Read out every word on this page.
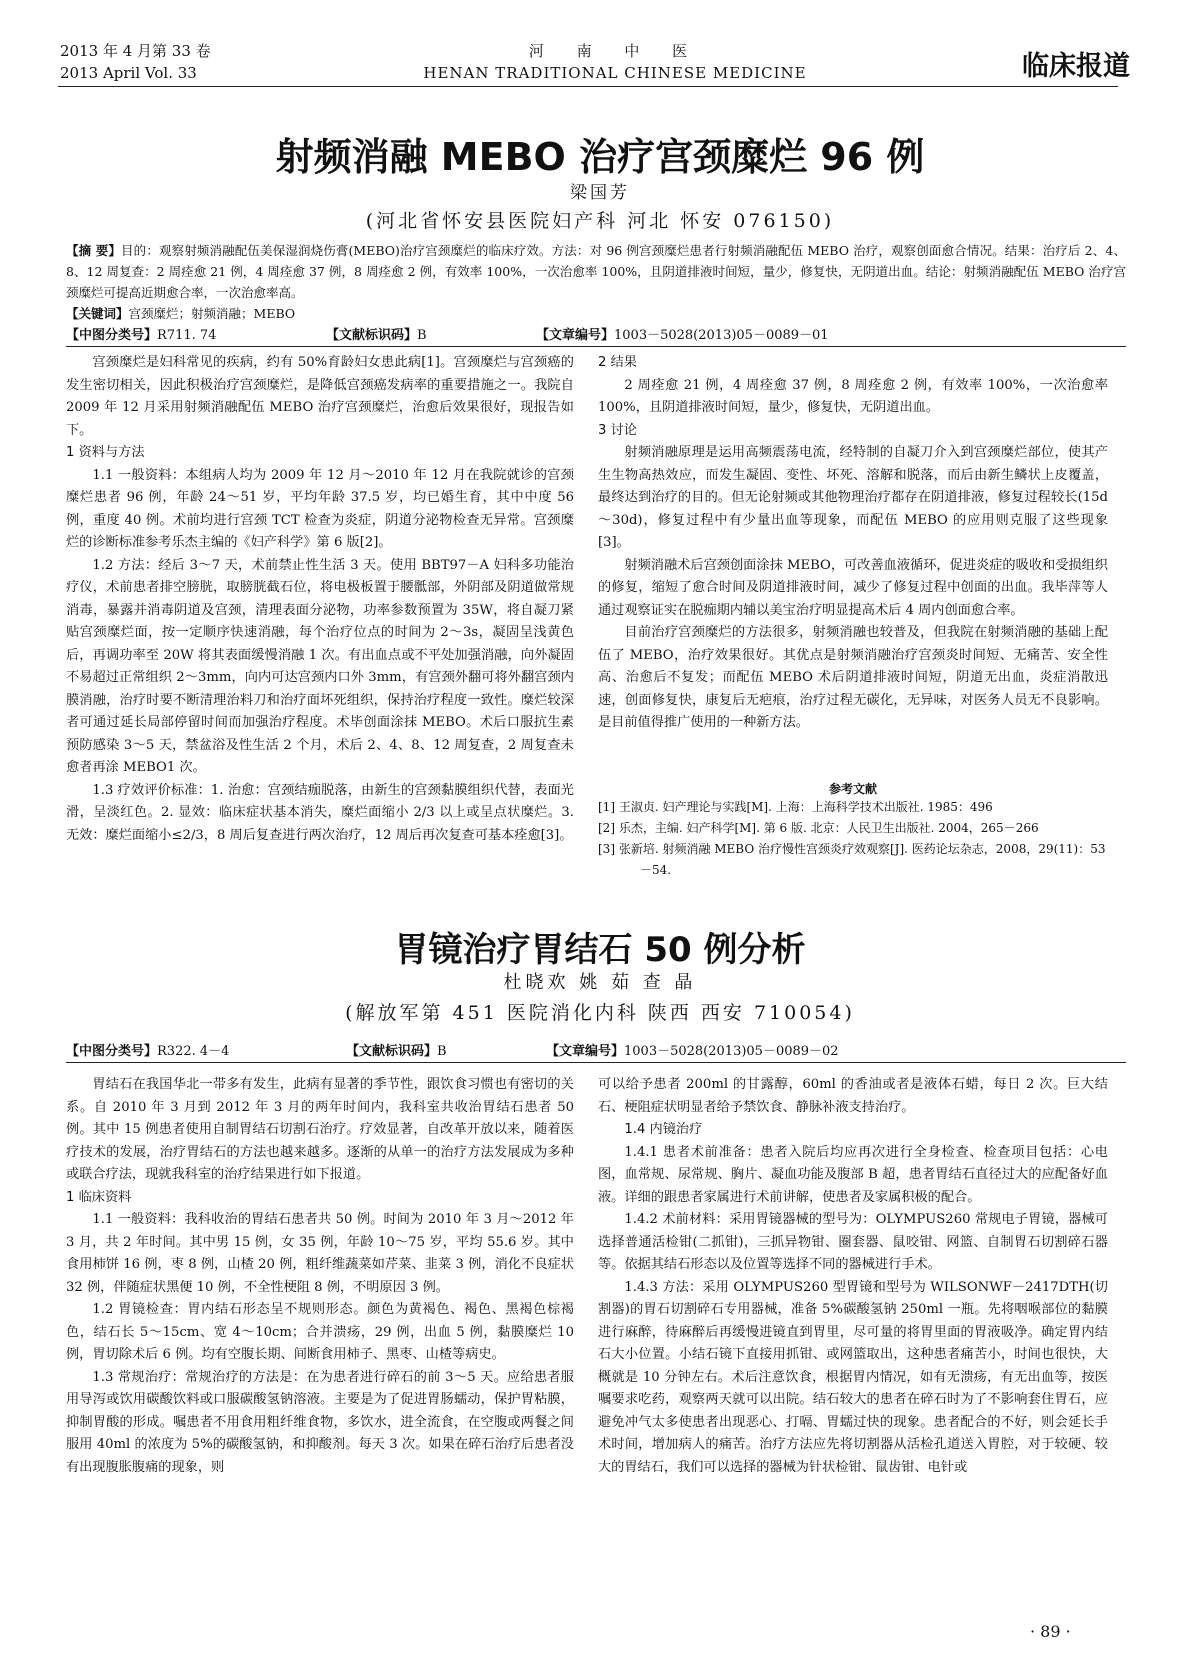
2013 年 4 月第 33 卷
2013 April Vol. 33
河 南 中 医
HENAN TRADITIONAL CHINESE MEDICINE	临床报道
射频消融 MEBO 治疗宫颈糜烂 96 例
梁国芳
(河北省怀安县医院妇产科 河北 怀安 076150)
【摘 要】目的：观察射频消融配伍美保湿润烧伤膏(MEBO)治疗宫颈糜烂的临床疗效。方法：对 96 例宫颈糜烂患者行射频消融配伍 MEBO 治疗，观察创面愈合情况。结果：治疗后 2、4、8、12 周复查：2 周痊愈 21 例，4 周痊愈 37 例，8 周痊愈 2 例，有效率 100%，一次治愈率 100%，且阴道排液时间短，量少，修复快，无阴道出血。结论：射频消融配伍 MEBO 治疗宫颈糜烂可提高近期愈合率，一次治愈率高。
【关键词】宫颈糜烂；射频消融；MEBO
【中图分类号】R711. 74	【文献标识码】B	【文章编号】1003－5028(2013)05－0089－01

宫颈糜烂是妇科常见的疾病，约有 50%育龄妇女患此病[1]。宫颈糜烂与宫颈癌的发生密切相关，因此积极治疗宫颈糜烂，是降低宫颈癌发病率的重要措施之一。我院自 2009 年 12 月采用射频消融配伍 MEBO 治疗宫颈糜烂，治愈后效果很好，现报告如下。

1 资料与方法

1.1 一般资料：本组病人均为 2009 年 12 月～2010 年 12 月在我院就诊的宫颈糜烂患者 96 例，年龄 24～51 岁，平均年龄 37.5 岁，均已婚生育，其中中度 56 例，重度 40 例。术前均进行宫颈 TCT 检查为炎症，阴道分泌物检查无异常。宫颈糜烂的诊断标准参考乐杰主编的《妇产科学》第 6 版[2]。

1.2 方法：经后 3～7 天，术前禁止性生活 3 天。使用 BBT97－A 妇科多功能治疗仪，术前患者排空膀胱，取膀胱截石位，将电极板置于腰骶部，外阴部及阴道做常规消毒，暴露并消毒阴道及宫颈，清理表面分泌物，功率参数预置为 35W，将自凝刀紧贴宫颈糜烂面，按一定顺序快速消融，每个治疗位点的时间为 2～3s，凝固呈浅黄色后，再调功率至 20W 将其表面缓慢消融 1 次。有出血点或不平处加强消融，向外凝固不易超过正常组织 2～3mm，向内可达宫颈内口外 3mm，有宫颈外翻可将外翻宫颈内膜消融，治疗时要不断清理治料刀和治疗面坏死组织，保持治疗程度一致性。糜烂较深者可通过延长局部停留时间而加强治疗程度。术毕创面涂抹 MEBO。术后口服抗生素预防感染 3～5 天，禁盆浴及性生活 2 个月，术后 2、4、8、12 周复查，2 周复查未愈者再涂 MEBO1 次。

1.3 疗效评价标准：1. 治愈：宫颈结痂脱落，由新生的宫颈黏膜组织代替，表面光滑，呈淡红色。2. 显效：临床症状基本消失，糜烂面缩小 2/3 以上或呈点状糜烂。3. 无效：糜烂面缩小≤2/3，8 周后复查进行两次治疗，12 周后再次复查可基本痊愈[3]。

2 结果

2 周痊愈 21 例，4 周痊愈 37 例，8 周痊愈 2 例，有效率 100%，一次治愈率 100%，且阴道排液时间短，量少，修复快，无阴道出血。

3 讨论

射频消融原理是运用高频震荡电流，经特制的自凝刀介入到宫颈糜烂部位，使其产生生物高热效应，而发生凝固、变性、坏死、溶解和脱落，而后由新生鳞状上皮覆盖，最终达到治疗的目的。但无论射频或其他物理治疗都存在阴道排液，修复过程较长(15d～30d)，修复过程中有少量出血等现象，而配伍 MEBO 的应用则克服了这些现象[3]。

射频消融术后宫颈创面涂抹 MEBO，可改善血液循环，促进炎症的吸收和受损组织的修复，缩短了愈合时间及阴道排液时间，减少了修复过程中创面的出血。我毕萍等人通过观察证实在脱痂期内辅以美宝治疗明显提高术后 4 周内创面愈合率。

目前治疗宫颈糜烂的方法很多，射频消融也较普及，但我院在射频消融的基础上配伍了 MEBO，治疗效果很好。其优点是射频消融治疗宫颈炎时间短、无痛苦、安全性高、治愈后不复发；而配伍 MEBO 术后阴道排液时间短，阴道无出血，炎症消散迅速，创面修复快，康复后无疤痕，治疗过程无碳化，无异味，对医务人员无不良影响。是目前值得推广使用的一种新方法。

参考文献
[1] 王淑贞. 妇产理论与实践[M]. 上海：上海科学技术出版社. 1985：496
[2] 乐杰，主编. 妇产科学[M]. 第 6 版. 北京：人民卫生出版社. 2004，265－266
[3] 张新培. 射频消融 MEBO 治疗慢性宫颈炎疗效观察[J]. 医药论坛杂志，2008，29(11)：53－54.
胃镜治疗胃结石 50 例分析
杜晓欢 姚 茹 查 晶
(解放军第 451 医院消化内科 陕西 西安 710054)
【中图分类号】R322. 4－4	【文献标识码】B	【文章编号】1003－5028(2013)05－0089－02

胃结石在我国华北一带多有发生，此病有显著的季节性，跟饮食习惯也有密切的关系。自 2010 年 3 月到 2012 年 3 月的两年时间内，我科室共收治胃结石患者 50 例。其中 15 例患者使用自制胃结石切割石治疗。疗效显著，自改革开放以来，随着医疗技术的发展，治疗胃结石的方法也越来越多。逐渐的从单一的治疗方法发展成为多种或联合疗法，现就我科室的治疗结果进行如下报道。

1 临床资料

1.1 一般资料：我科收治的胃结石患者共 50 例。时间为 2010 年 3 月～2012 年 3 月，共 2 年时间。其中男 15 例，女 35 例，年龄 10～75 岁，平均 55.6 岁。其中食用柿饼 16 例，枣 8 例，山楂 20 例，粗纤维蔬菜如芹菜、韭菜 3 例，消化不良症状 32 例，伴随症状黑便 10 例，不全性梗阻 8 例，不明原因 3 例。

1.2 胃镜检查：胃内结石形态呈不规则形态。颜色为黄褐色、褐色、黑褐色棕褐色，结石长 5～15cm、宽 4～10cm；合并溃疡，29 例，出血 5 例，黏膜糜烂 10 例，胃切除术后 6 例。均有空腹长期、间断食用柿子、黑枣、山楂等病史。

1.3 常规治疗：常规治疗的方法是：在为患者进行碎石的前 3～5 天。应给患者服用导泻或饮用碳酸饮料或口服碳酸氢钠溶液。主要是为了促进胃肠蠕动，保护胃粘膜，抑制胃酸的形成。嘱患者不用食用粗纤维食物，多饮水，进全流食，在空腹或两餐之间服用 40ml 的浓度为 5%的碳酸氢钠，和抑酸剂。每天 3 次。如果在碎石治疗后患者没有出现腹胀腹痛的现象，则

可以给予患者 200ml 的甘露醇，60ml 的香油或者是液体石蜡，每日 2 次。巨大结石、梗阻症状明显者给予禁饮食、静脉补液支持治疗。

1.4 内镜治疗

1.4.1 患者术前准备：患者入院后均应再次进行全身检查、检查项目包括：心电图，血常规、尿常规、胸片、凝血功能及腹部 B 超，患者胃结石直径过大的应配备好血液。详细的跟患者家属进行术前讲解，使患者及家属积极的配合。

1.4.2 术前材料：采用胃镜器械的型号为：OLYMPUS260 常规电子胃镜，器械可选择普通活检钳(二抓钳)，三抓异物钳、圈套器、鼠咬钳、网篮、自制胃石切割碎石器等。依据其结石形态以及位置等选择不同的器械进行手术。

1.4.3 方法：采用 OLYMPUS260 型胃镜和型号为 WILSONWF－2417DTH(切割器)的胃石切割碎石专用器械，准备 5%碳酸氢钠 250ml 一瓶。先将咽喉部位的黏膜进行麻醉，待麻醉后再缓慢进镜直到胃里，尽可量的将胃里面的胃液吸净。确定胃内结石大小位置。小结石镜下直接用抓钳、或网篮取出，这种患者痛苦小，时间也很快，大概就是 10 分钟左右。术后注意饮食，根据胃内情况，如有无溃疡，有无出血等，按医嘱要求吃药，观察两天就可以出院。结石较大的患者在碎石时为了不影响套住胃石，应避免冲气太多使患者出现恶心、打嗝、胃蠕过快的现象。患者配合的不好，则会延长手术时间，增加病人的痛苦。治疗方法应先将切割器从活检孔道送入胃腔，对于较硬、较大的胃结石，我们可以选择的器械为针状检钳、鼠齿钳、电针或

· 89 ·
